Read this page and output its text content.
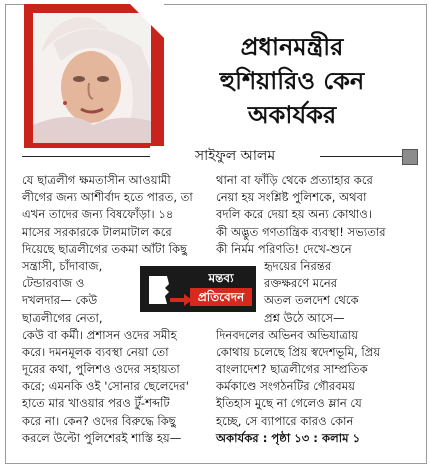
প্রধানমন্ত্রীর
হুশিয়ারিও কেন
অকার্যকর
সাইফুল আলম
যে ছাত্রলীগ ক্ষমতাসীন আওয়ামী
লীগের জন্য আশীর্বাদ হতে পারত, তা
এখন তাদের জন্য বিষফোঁড়া। ১৪
মাসের সরকারকে টালমাটাল করে
দিয়েছে ছাত্রলীগের তকমা আঁটা কিছু
সন্ত্রাসী, চাঁদাবাজ,
টেন্ডারবাজ ও
দখলদার— কেউ
ছাত্রলীগের নেতা,
কেউ বা কর্মী। প্রশাসন ওদের সমীহ
করে। দমনমূলক ব্যবস্থা নেয়া তো
দূরের কথা, পুলিশও ওদের সহায়তা
করে; এমনকি ওই 'সোনার ছেলেদের'
হাতে মার খাওয়ার পরও টুঁ-শব্দটি
করে না। কেন? ওদের বিরুদ্ধে কিছু
করলে উল্টো পুলিশেরই শাস্তি হয়—
থানা বা ফাঁড়ি থেকে প্রত্যাহার করে
নেয়া হয় সংশ্লিষ্ট পুলিশকে, অথবা
বদলি করে দেয়া হয় অন্য কোথাও।
কী অদ্ভুত গণতান্ত্রিক ব্যবস্থা! সভ্যতার
কী নির্মম পরিণতি! দেখে-শুনে
হৃদয়ের নিরন্তর
রক্তক্ষরণে মনের
অতল তলদেশ থেকে
প্রশ্ন উঠে আসে—
দিনবদলের অভিনব অভিযাত্রায়
কোথায় চলেছে প্রিয় স্বদেশভূমি, প্রিয়
বাংলাদেশ? ছাত্রলীগের সাম্প্রতিক
কর্মকাণ্ডে সংগঠনটির গৌরবময়
ইতিহাস মুছে না গেলেও ম্লান যে
হচ্ছে, সে ব্যাপারে কারও কোন
অকার্যকর : পৃষ্ঠা ১৩ : কলাম ১
মন্তব্য
প্রতিবেদন
